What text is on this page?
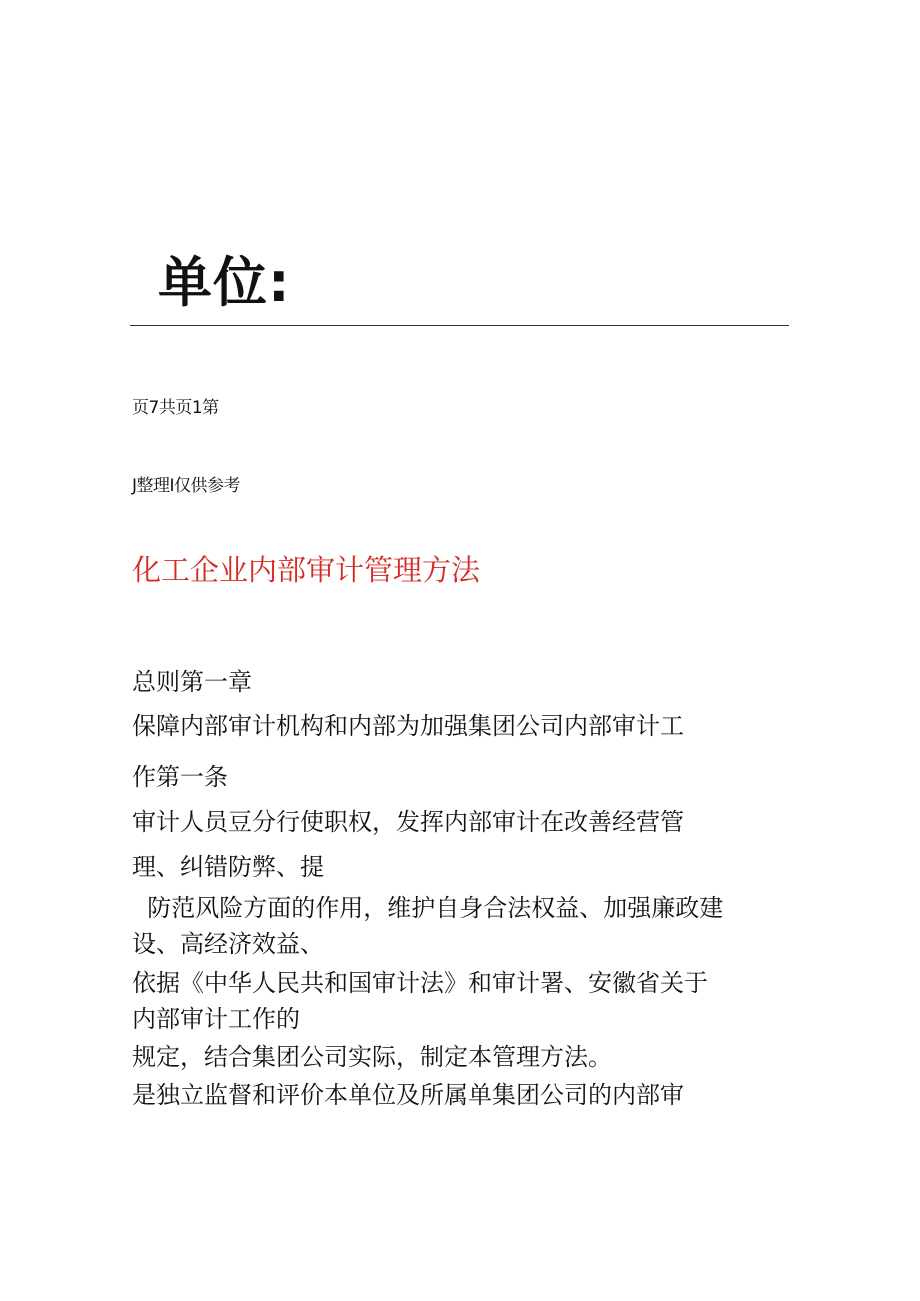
单位:
页7共页1第
J整理I仅供参考
化工企业内部审计管理方法
总则第一章
保障内部审计机构和内部为加强集团公司内部审计工
作第一条
审计人员豆分行使职权，发挥内部审计在改善经营管
理、纠错防弊、提
防范风险方面的作用，维护自身合法权益、加强廉政建
设、高经济效益、
依据《中华人民共和国审计法》和审计署、安徽省关于
内部审计工作的
规定，结合集团公司实际，制定本管理方法。
是独立监督和评价本单位及所属单集团公司的内部审
